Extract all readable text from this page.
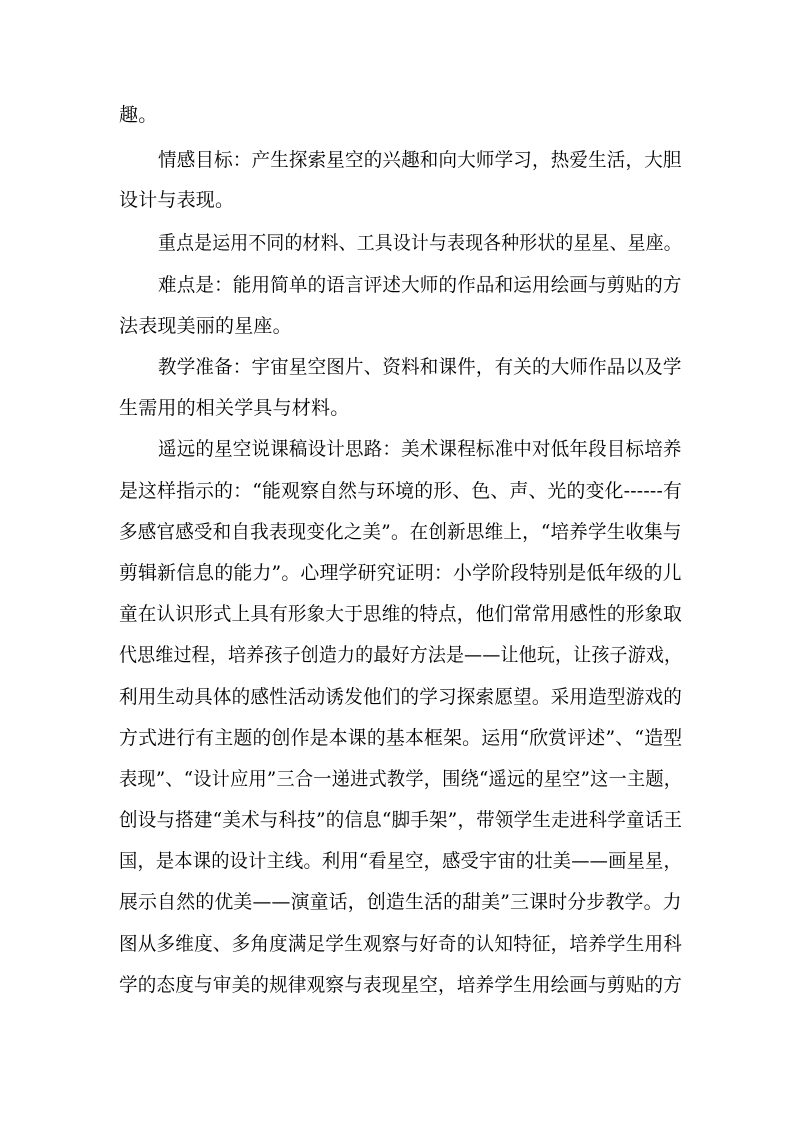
趣。
情感目标：产生探索星空的兴趣和向大师学习，热爱生活，大胆
设计与表现。
重点是运用不同的材料、工具设计与表现各种形状的星星、星座。
难点是：能用简单的语言评述大师的作品和运用绘画与剪贴的方
法表现美丽的星座。
教学准备：宇宙星空图片、资料和课件，有关的大师作品以及学
生需用的相关学具与材料。
遥远的星空说课稿设计思路：美术课程标准中对低年段目标培养
是这样指示的：“能观察自然与环境的形、色、声、光的变化------有
多感官感受和自我表现变化之美”。在创新思维上，“培养学生收集与
剪辑新信息的能力”。心理学研究证明：小学阶段特别是低年级的儿
童在认识形式上具有形象大于思维的特点，他们常常用感性的形象取
代思维过程，培养孩子创造力的最好方法是——让他玩，让孩子游戏，
利用生动具体的感性活动诱发他们的学习探索愿望。采用造型游戏的
方式进行有主题的创作是本课的基本框架。运用“欣赏评述”、“造型
表现”、“设计应用”三合一递进式教学，围绕“遥远的星空”这一主题，
创设与搭建“美术与科技”的信息“脚手架”，带领学生走进科学童话王
国，是本课的设计主线。利用“看星空，感受宇宙的壮美——画星星，
展示自然的优美——演童话，创造生活的甜美”三课时分步教学。力
图从多维度、多角度满足学生观察与好奇的认知特征，培养学生用科
学的态度与审美的规律观察与表现星空，培养学生用绘画与剪贴的方
